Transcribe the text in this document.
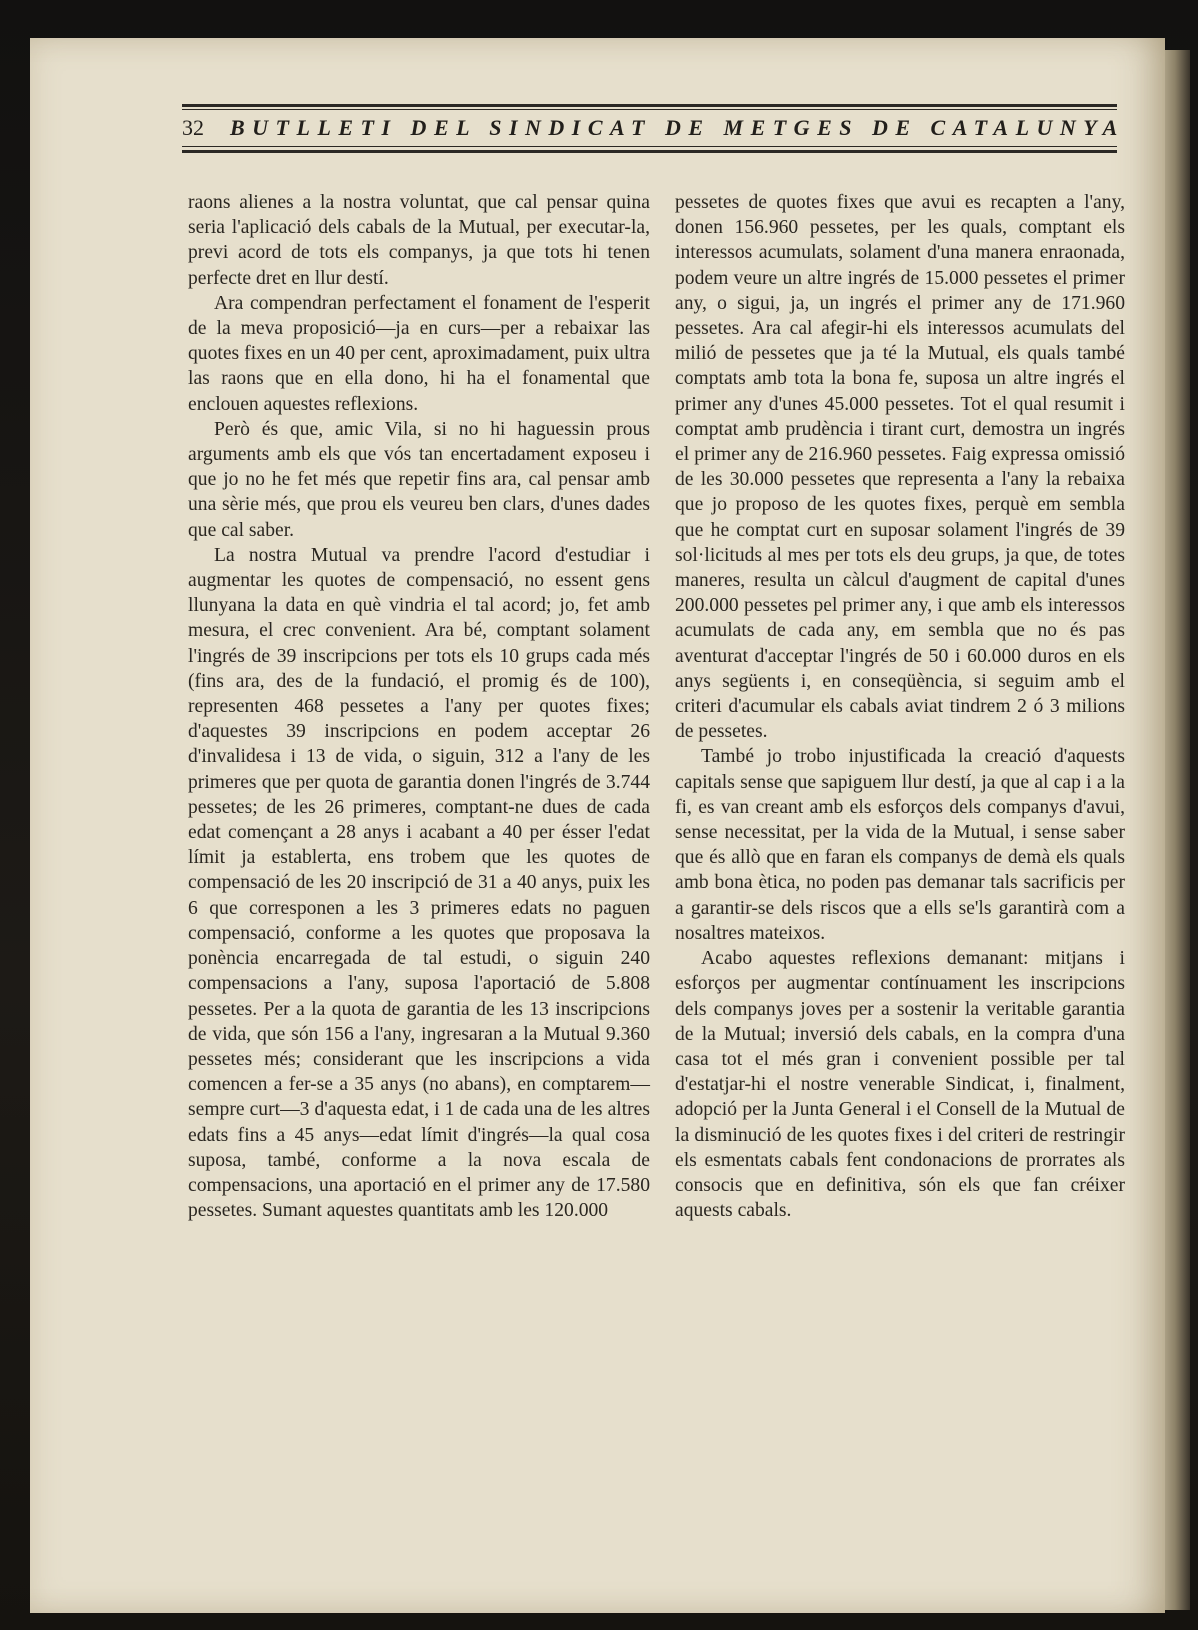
32 BUTLLETI DEL SINDICAT DE METGES DE CATALUNYA

raons alienes a la nostra voluntat, que cal pensar quina seria l'aplicació dels cabals de la Mutual, per executar-la, previ acord de tots els companys, ja que tots hi tenen perfecte dret en llur destí.

Ara compendran perfectament el fonament de l'esperit de la meva proposició—ja en curs—per a rebaixar las quotes fixes en un 40 per cent, aproximadament, puix ultra las raons que en ella dono, hi ha el fonamental que enclouen aquestes reflexions.

Però és que, amic Vila, si no hi haguessin prous arguments amb els que vós tan encertadament exposeu i que jo no he fet més que repetir fins ara, cal pensar amb una sèrie més, que prou els veureu ben clars, d'unes dades que cal saber.

La nostra Mutual va prendre l'acord d'estudiar i augmentar les quotes de compensació, no essent gens llunyana la data en què vindria el tal acord; jo, fet amb mesura, el crec convenient. Ara bé, comptant solament l'ingrés de 39 inscripcions per tots els 10 grups cada més (fins ara, des de la fundació, el promig és de 100), representen 468 pessetes a l'any per quotes fixes; d'aquestes 39 inscripcions en podem acceptar 26 d'invalidesa i 13 de vida, o siguin, 312 a l'any de les primeres que per quota de garantia donen l'ingrés de 3.744 pessetes; de les 26 primeres, comptant-ne dues de cada edat començant a 28 anys i acabant a 40 per ésser l'edat límit ja establerta, ens trobem que les quotes de compensació de les 20 inscripció de 31 a 40 anys, puix les 6 que corresponen a les 3 primeres edats no paguen compensació, conforme a les quotes que proposava la ponència encarregada de tal estudi, o siguin 240 compensacions a l'any, suposa l'aportació de 5.808 pessetes. Per a la quota de garantia de les 13 inscripcions de vida, que són 156 a l'any, ingresaran a la Mutual 9.360 pessetes més; considerant que les inscripcions a vida comencen a fer-se a 35 anys (no abans), en comptarem—sempre curt—3 d'aquesta edat, i 1 de cada una de les altres edats fins a 45 anys—edat límit d'ingrés—la qual cosa suposa, també, conforme a la nova escala de compensacions, una aportació en el primer any de 17.580 pessetes. Sumant aquestes quantitats amb les 120.000

pessetes de quotes fixes que avui es recapten a l'any, donen 156.960 pessetes, per les quals, comptant els interessos acumulats, solament d'una manera enraonada, podem veure un altre ingrés de 15.000 pessetes el primer any, o sigui, ja, un ingrés el primer any de 171.960 pessetes. Ara cal afegir-hi els interessos acumulats del milió de pessetes que ja té la Mutual, els quals també comptats amb tota la bona fe, suposa un altre ingrés el primer any d'unes 45.000 pessetes. Tot el qual resumit i comptat amb prudència i tirant curt, demostra un ingrés el primer any de 216.960 pessetes. Faig expressa omissió de les 30.000 pessetes que representa a l'any la rebaixa que jo proposo de les quotes fixes, perquè em sembla que he comptat curt en suposar solament l'ingrés de 39 sol·licituds al mes per tots els deu grups, ja que, de totes maneres, resulta un càlcul d'augment de capital d'unes 200.000 pessetes pel primer any, i que amb els interessos acumulats de cada any, em sembla que no és pas aventurat d'acceptar l'ingrés de 50 i 60.000 duros en els anys següents i, en conseqüència, si seguim amb el criteri d'acumular els cabals aviat tindrem 2 ó 3 milions de pessetes.

També jo trobo injustificada la creació d'aquests capitals sense que sapiguem llur destí, ja que al cap i a la fi, es van creant amb els esforços dels companys d'avui, sense necessitat, per la vida de la Mutual, i sense saber que és allò que en faran els companys de demà els quals amb bona ètica, no poden pas demanar tals sacrificis per a garantir-se dels riscos que a ells se'ls garantirà com a nosaltres mateixos.

Acabo aquestes reflexions demanant: mitjans i esforços per augmentar contínuament les inscripcions dels companys joves per a sostenir la veritable garantia de la Mutual; inversió dels cabals, en la compra d'una casa tot el més gran i convenient possible per tal d'estatjar-hi el nostre venerable Sindicat, i, finalment, adopció per la Junta General i el Consell de la Mutual de la disminució de les quotes fixes i del criteri de restringir els esmentats cabals fent condonacions de prorrates als consocis que en definitiva, són els que fan créixer aquests cabals.
